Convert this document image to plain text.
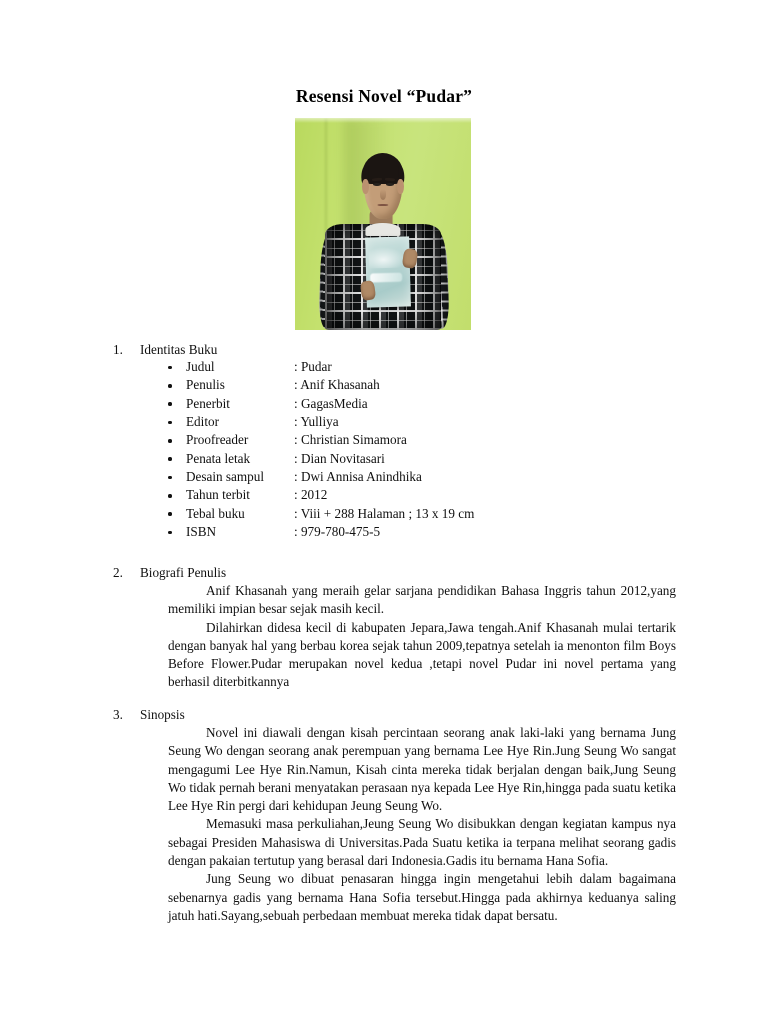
Resensi Novel “Pudar”
1. Identitas Buku
Judul	: Pudar
Penulis	: Anif Khasanah
Penerbit	: GagasMedia
Editor	: Yulliya
Proofreader	: Christian Simamora
Penata letak	: Dian Novitasari
Desain sampul : Dwi Annisa Anindhika
Tahun terbit	: 2012
Tebal buku	: Viii + 288 Halaman ; 13 x 19 cm
ISBN	: 979-780-475-5
2. Biografi Penulis

Anif Khasanah yang meraih gelar sarjana pendidikan Bahasa Inggris tahun 2012,yang memiliki impian besar sejak masih kecil.

Dilahirkan didesa kecil di kabupaten Jepara,Jawa tengah.Anif Khasanah mulai tertarik dengan banyak hal yang berbau korea sejak tahun 2009,tepatnya setelah ia menonton film Boys Before Flower.Pudar merupakan novel kedua ,tetapi novel Pudar ini novel pertama yang berhasil diterbitkannya

3. Sinopsis

Novel ini diawali dengan kisah percintaan seorang anak laki-laki yang bernama Jung Seung Wo dengan seorang anak perempuan yang bernama Lee Hye Rin.Jung Seung Wo sangat mengagumi Lee Hye Rin.Namun, Kisah cinta mereka tidak berjalan dengan baik,Jung Seung Wo tidak pernah berani menyatakan perasaan nya kepada Lee Hye Rin,hingga pada suatu ketika Lee Hye Rin pergi dari kehidupan Jeung Seung Wo.

Memasuki masa perkuliahan,Jeung Seung Wo disibukkan dengan kegiatan kampus nya sebagai Presiden Mahasiswa di Universitas.Pada Suatu ketika ia terpana melihat seorang gadis dengan pakaian tertutup yang berasal dari Indonesia.Gadis itu bernama Hana Sofia.

Jung Seung wo dibuat penasaran hingga ingin mengetahui lebih dalam bagaimana sebenarnya gadis yang bernama Hana Sofia tersebut.Hingga pada akhirnya keduanya saling jatuh hati.Sayang,sebuah perbedaan membuat mereka tidak dapat bersatu.
